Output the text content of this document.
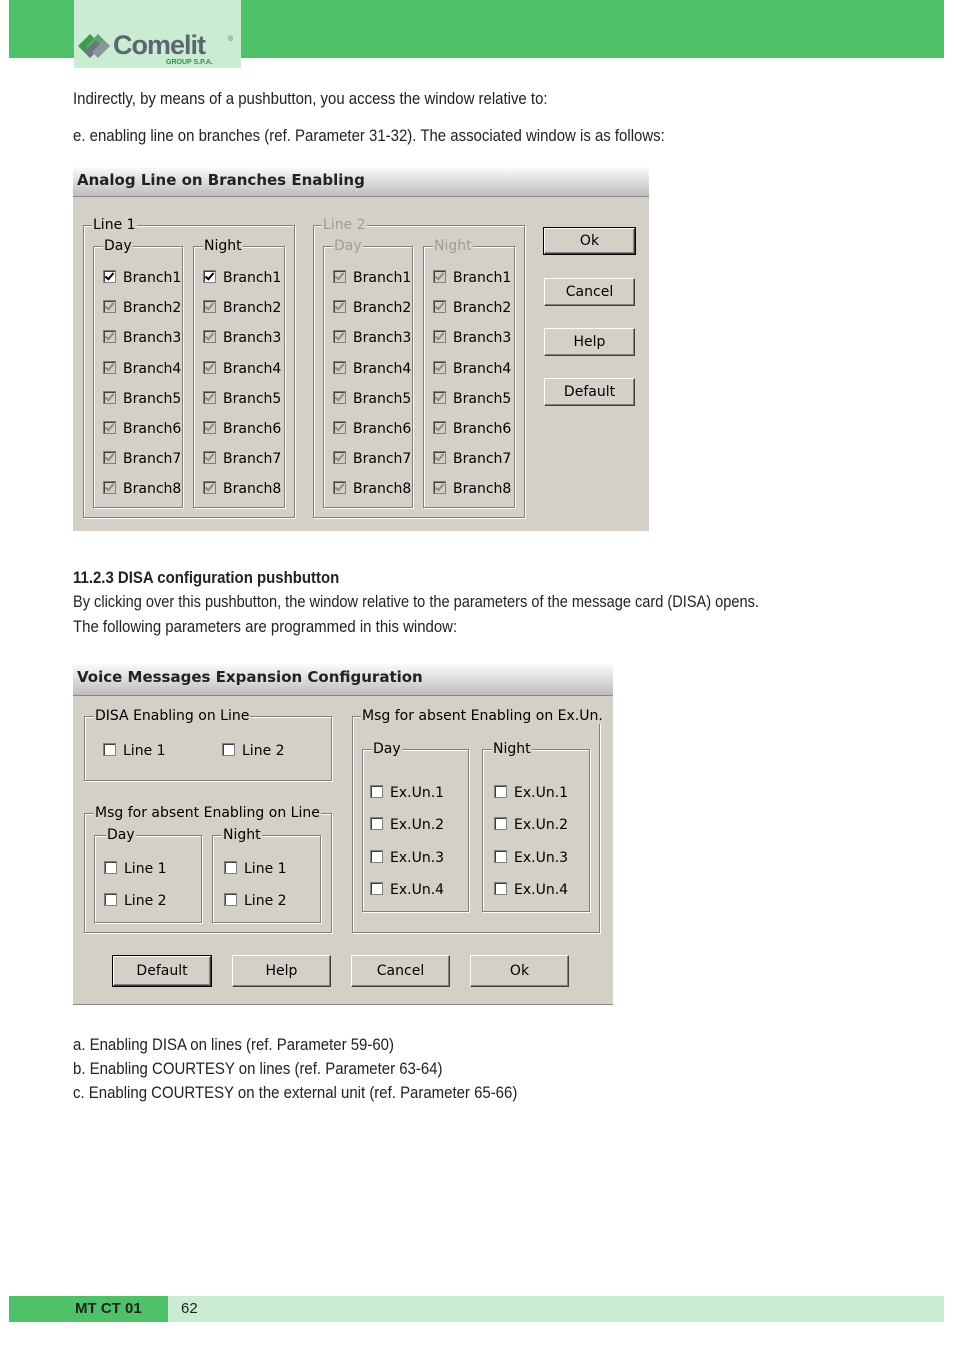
Comelit	®
GROUP S.P.A.
Indirectly, by means of a pushbutton, you access the window relative to:
e. enabling line on branches (ref. Parameter 31-32). The associated window is as follows:
Analog Line on Branches Enabling
Line 1
Day	Night
Line 2
Day	Night
Branch1	Branch1	Branch1	Branch1
Branch2	Branch2	Branch2	Branch2
Branch3	Branch3	Branch3	Branch3
Branch4	Branch4	Branch4	Branch4
Branch5	Branch5	Branch5	Branch5
Branch6	Branch6	Branch6	Branch6
Branch7	Branch7	Branch7	Branch7
Branch8	Branch8	Branch8	Branch8
Ok
Cancel
Help
Default
11.2.3 DISA configuration pushbutton
By clicking over this pushbutton, the window relative to the parameters of the message card (DISA) opens.
The following parameters are programmed in this window:
Voice Messages Expansion Configuration
DISA Enabling on Line
Line 1	Line 2
Msg for absent Enabling on Line
Day	Night
Line 1
Line 2
Line 1
Line 2
Msg for absent Enabling on Ex.Un.
Day	Night
Ex.Un.1
Ex.Un.2
Ex.Un.3
Ex.Un.4
Ex.Un.1
Ex.Un.2
Ex.Un.3
Ex.Un.4
Default	Help	Cancel	Ok
a. Enabling DISA on lines (ref. Parameter 59-60)
b. Enabling COURTESY on lines (ref. Parameter 63-64)
c. Enabling COURTESY on the external unit (ref. Parameter 65-66)
MT CT 01	62
